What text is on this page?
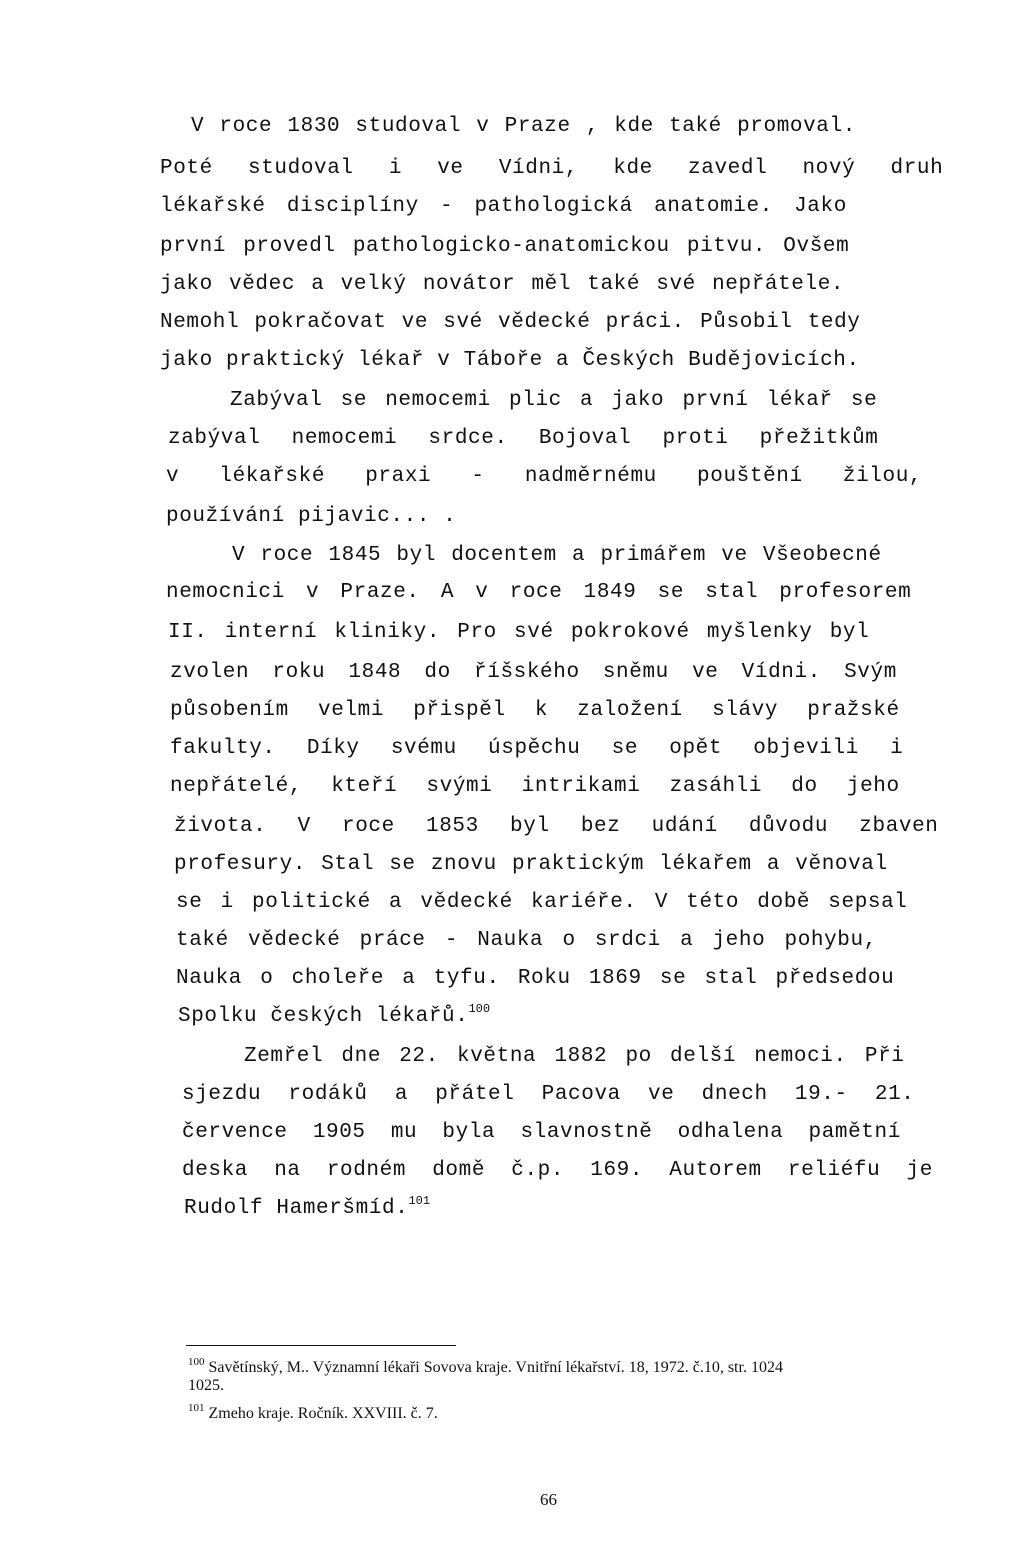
V roce 1830 studoval v Praze , kde také promoval.
Poté studoval i ve Vídni, kde zavedl nový druh
lékařské disciplíny - pathologická anatomie. Jako
první provedl pathologicko-anatomickou pitvu. Ovšem
jako vědec a velký novátor měl také své nepřátele.
Nemohl pokračovat ve své vědecké práci. Působil tedy
jako praktický lékař v Táboře a Českých Budějovicích.
Zabýval se nemocemi plic a jako první lékař se
zabýval nemocemi srdce. Bojoval proti přežitkům
v lékařské praxi - nadměrnému pouštění žilou,
používání pijavic... .
V roce 1845 byl docentem a primářem ve Všeobecné
nemocnici v Praze. A v roce 1849 se stal profesorem
II. interní kliniky. Pro své pokrokové myšlenky byl
zvolen roku 1848 do říšského sněmu ve Vídni. Svým
působením velmi přispěl k založení slávy pražské
fakulty. Díky svému úspěchu se opět objevili i
nepřátelé, kteří svými intrikami zasáhli do jeho
života. V roce 1853 byl bez udání důvodu zbaven
profesury. Stal se znovu praktickým lékařem a věnoval
se i politické a vědecké kariéře. V této době sepsal
také vědecké práce - Nauka o srdci a jeho pohybu,
Nauka o choleře a tyfu. Roku 1869 se stal předsedou
Spolku českých lékařů.$^{100}$
Zemřel dne 22. května 1882 po delší nemoci. Při
sjezdu rodáků a přátel Pacova ve dnech 19.- 21.
července 1905 mu byla slavnostně odhalena pamětní
deska na rodném domě č.p. 169. Autorem reliéfu je
Rudolf Hameršmíd.$^{101}$
$^{100}$ Savětínský, M.. Významní lékaři Sovova kraje. Vnitřní lékařství. 18, 1972. č.10, str. 1024
1025.
$^{101}$ Zmeho kraje. Ročník. XXVIII. č. 7.
66
